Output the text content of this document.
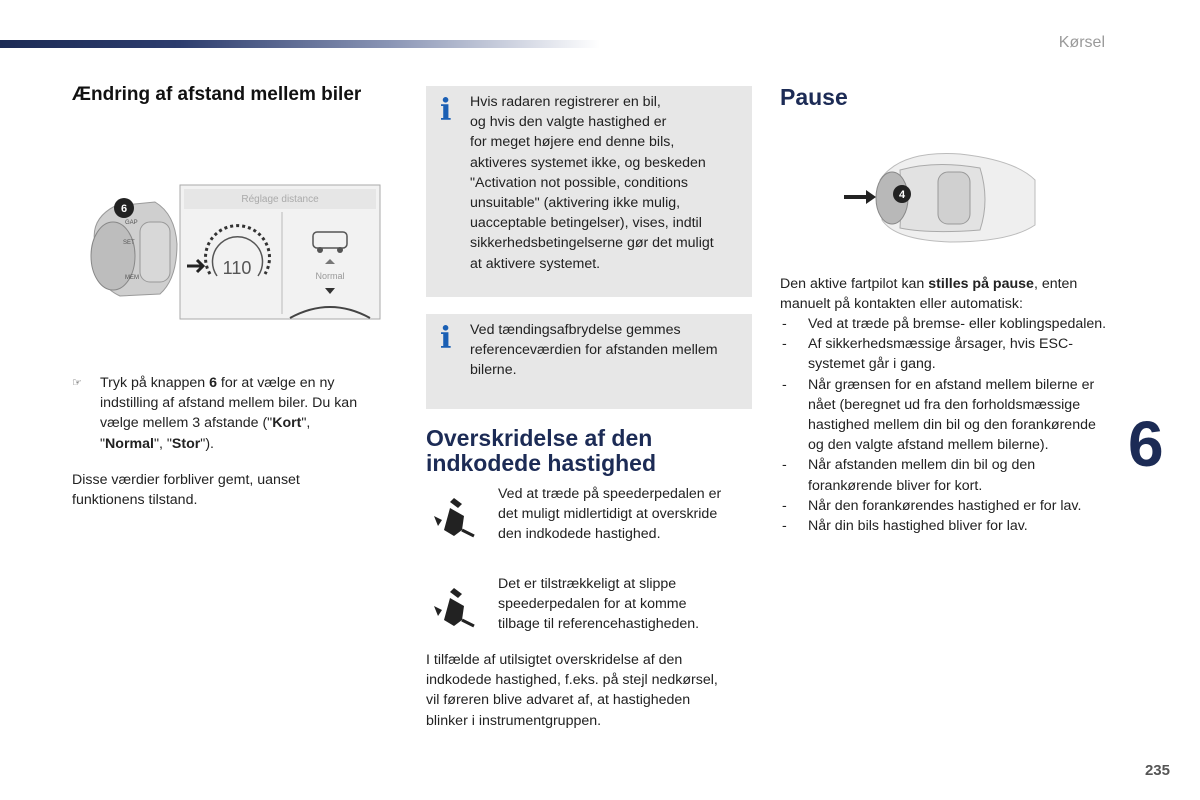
Kørsel
6
235
Ændring af afstand mellem biler
GAP
SET
MEM
6
Réglage distance
110	Normal
☞	Tryk på knappen 6 for at vælge en ny indstilling af afstand mellem biler. Du kan vælge mellem 3 afstande ("Kort", "Normal", "Stor").
Disse værdier forbliver gemt, uanset funktionens tilstand.
i Hvis radaren registrerer en bil,
og hvis den valgte hastighed er
for meget højere end denne bils,
aktiveres systemet ikke, og beskeden
"Activation not possible, conditions
unsuitable" (aktivering ikke mulig,
uacceptable betingelser), vises, indtil
sikkerhedsbetingelserne gør det muligt
at aktivere systemet.
i Ved tændingsafbrydelse gemmes
referenceværdien for afstanden mellem
bilerne.
Overskridelse af den indkodede hastighed
Ved at træde på speederpedalen er
det muligt midlertidigt at overskride
den indkodede hastighed.
Det er tilstrækkeligt at slippe
speederpedalen for at komme
tilbage til referencehastigheden.
I tilfælde af utilsigtet overskridelse af den
indkodede hastighed, f.eks. på stejl nedkørsel,
vil føreren blive advaret af, at hastigheden
blinker i instrumentgruppen.
Pause
4
Den aktive fartpilot kan stilles på pause, enten manuelt på kontakten eller automatisk:
- Ved at træde på bremse- eller koblingspedalen.
- Af sikkerhedsmæssige årsager, hvis ESC-systemet går i gang.
- Når grænsen for en afstand mellem bilerne er nået (beregnet ud fra den forholdsmæssige hastighed mellem din bil og den forankørende og den valgte afstand mellem bilerne).
- Når afstanden mellem din bil og den forankørende bliver for kort.
- Når den forankørendes hastighed er for lav.
- Når din bils hastighed bliver for lav.
